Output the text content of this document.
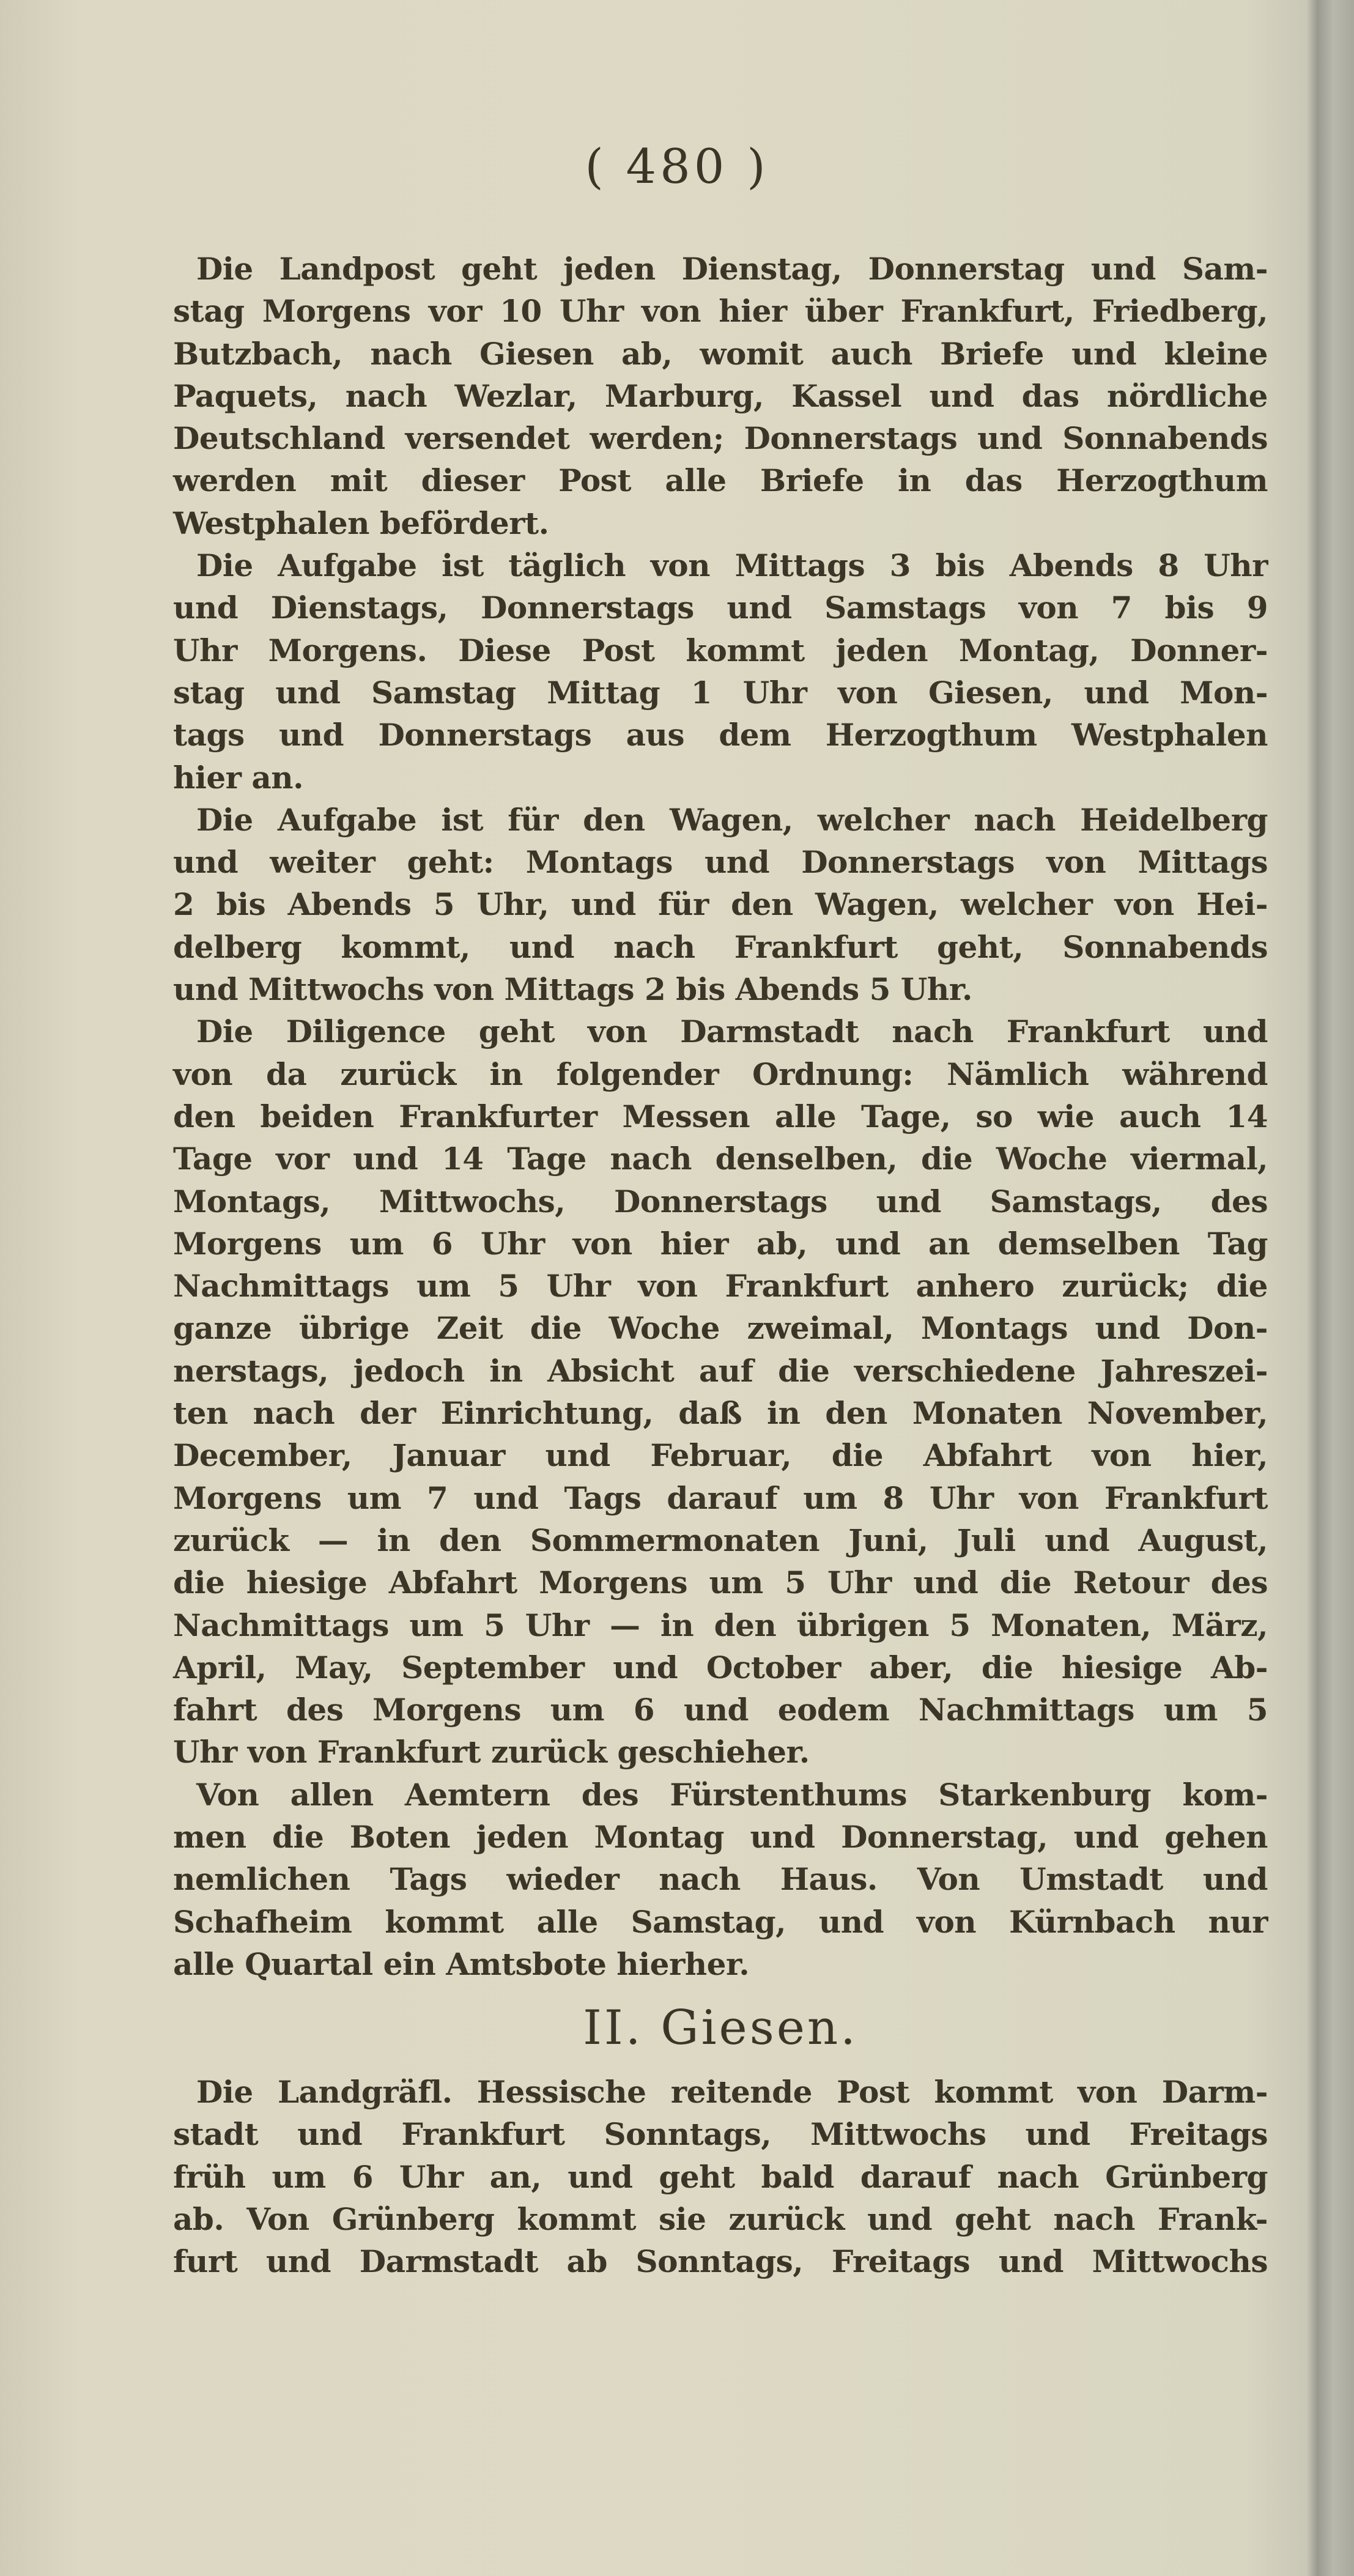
( 480 )
Die Landpost geht jeden Dienstag, Donnerstag und Sam-
stag Morgens vor 10 Uhr von hier über Frankfurt, Friedberg,
Butzbach, nach Giesen ab, womit auch Briefe und kleine
Paquets, nach Wezlar, Marburg, Kassel und das nördliche
Deutschland versendet werden; Donnerstags und Sonnabends
werden mit dieser Post alle Briefe in das Herzogthum
Westphalen befördert.
Die Aufgabe ist täglich von Mittags 3 bis Abends 8 Uhr
und Dienstags, Donnerstags und Samstags von 7 bis 9
Uhr Morgens. Diese Post kommt jeden Montag, Donner-
stag und Samstag Mittag 1 Uhr von Giesen, und Mon-
tags und Donnerstags aus dem Herzogthum Westphalen
hier an.
Die Aufgabe ist für den Wagen, welcher nach Heidelberg
und weiter geht: Montags und Donnerstags von Mittags
2 bis Abends 5 Uhr, und für den Wagen, welcher von Hei-
delberg kommt, und nach Frankfurt geht, Sonnabends
und Mittwochs von Mittags 2 bis Abends 5 Uhr.
Die Diligence geht von Darmstadt nach Frankfurt und
von da zurück in folgender Ordnung: Nämlich während
den beiden Frankfurter Messen alle Tage, so wie auch 14
Tage vor und 14 Tage nach denselben, die Woche viermal,
Montags, Mittwochs, Donnerstags und Samstags, des
Morgens um 6 Uhr von hier ab, und an demselben Tag
Nachmittags um 5 Uhr von Frankfurt anhero zurück; die
ganze übrige Zeit die Woche zweimal, Montags und Don-
nerstags, jedoch in Absicht auf die verschiedene Jahreszei-
ten nach der Einrichtung, daß in den Monaten November,
December, Januar und Februar, die Abfahrt von hier,
Morgens um 7 und Tags darauf um 8 Uhr von Frankfurt
zurück — in den Sommermonaten Juni, Juli und August,
die hiesige Abfahrt Morgens um 5 Uhr und die Retour des
Nachmittags um 5 Uhr — in den übrigen 5 Monaten, März,
April, May, September und October aber, die hiesige Ab-
fahrt des Morgens um 6 und eodem Nachmittags um 5
Uhr von Frankfurt zurück geschieher.
Von allen Aemtern des Fürstenthums Starkenburg kom-
men die Boten jeden Montag und Donnerstag, und gehen
nemlichen Tags wieder nach Haus. Von Umstadt und
Schafheim kommt alle Samstag, und von Kürnbach nur
alle Quartal ein Amtsbote hierher.
II. Giesen.
Die Landgräfl. Hessische reitende Post kommt von Darm-
stadt und Frankfurt Sonntags, Mittwochs und Freitags
früh um 6 Uhr an, und geht bald darauf nach Grünberg
ab. Von Grünberg kommt sie zurück und geht nach Frank-
furt und Darmstadt ab Sonntags, Freitags und Mittwochs
